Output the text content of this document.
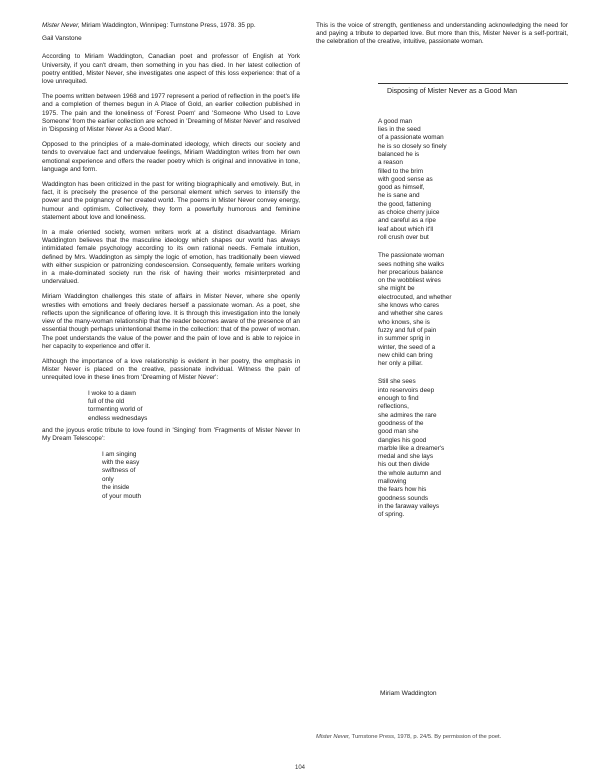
Mister Never, Miriam Waddington, Winnipeg: Turnstone Press, 1978. 35 pp.

Gail Vanstone

According to Miriam Waddington, Canadian poet and professor of English at York University, if you can't dream, then something in you has died. In her latest collection of poetry entitled, Mister Never, she investigates one aspect of this loss experience: that of a love unrequited.

The poems written between 1968 and 1977 represent a period of reflection in the poet's life and a completion of themes begun in A Place of Gold, an earlier collection published in 1975. The pain and the loneliness of 'Forest Poem' and 'Someone Who Used to Love Someone' from the earlier collection are echoed in 'Dreaming of Mister Never' and resolved in 'Disposing of Mister Never As a Good Man'.

Opposed to the principles of a male-dominated ideology, which directs our society and tends to overvalue fact and undervalue feelings, Miriam Waddington writes from her own emotional experience and offers the reader poetry which is original and innovative in tone, language and form.

Waddington has been criticized in the past for writing biographically and emotively. But, in fact, it is precisely the presence of the personal element which serves to intensify the power and the poignancy of her created world. The poems in Mister Never convey energy, humour and optimism. Collectively, they form a powerfully humorous and feminine statement about love and loneliness.

In a male oriented society, women writers work at a distinct disadvantage. Miriam Waddington believes that the masculine ideology which shapes our world has always intimidated female psychology according to its own rational needs. Female intuition, defined by Mrs. Waddington as simply the logic of emotion, has traditionally been viewed with either suspicion or patronizing condescension. Consequently, female writers working in a male-dominated society run the risk of having their works misinterpreted and undervalued.

Miriam Waddington challenges this state of affairs in Mister Never, where she openly wrestles with emotions and freely declares herself a passionate woman. As a poet, she reflects upon the significance of offering love. It is through this investigation into the lonely view of the many-woman relationship that the reader becomes aware of the presence of an essential though perhaps unintentional theme in the collection: that of the power of woman. The poet understands the value of the power and the pain of love and is able to rejoice in her capacity to experience and offer it.

Although the importance of a love relationship is evident in her poetry, the emphasis in Mister Never is placed on the creative, passionate individual. Witness the pain of unrequited love in these lines from 'Dreaming of Mister Never':

I woke to a dawn
full of the old
tormenting world of
endless wednesdays

and the joyous erotic tribute to love found in 'Singing' from 'Fragments of Mister Never In My Dream Telescope':

I am singing
with the easy
swiftness of
only
the inside
of your mouth

This is the voice of strength, gentleness and understanding acknowledging the need for and paying a tribute to departed love. But more than this, Mister Never is a self-portrait, the celebration of the creative, intuitive, passionate woman.

Disposing of Mister Never as a Good Man
A good man
lies in the seed
of a passionate woman
he is so closely so finely
balanced he is
a reason
filled to the brim
with good sense as
good as himself,
he is sane and
the good, fattening
as choice cherry juice
and careful as a ripe
leaf about which it'll
roll crush over but
The passionate woman
sees nothing she walks
her precarious balance
on the wobbliest wires
she might be
electrocuted, and whether
she knows who cares
and whether she cares
who knows, she is
fuzzy and full of pain
in summer sprig in
winter, the seed of a
new child can bring
her only a pillar.
Still she sees
into reservoirs deep
enough to find
reflections,
she admires the rare
goodness of the
good man she
dangles his good
marble like a dreamer's
medal and she lays
his out then divide
the whole autumn and
mallowing
the fears how his
goodness sounds
in the faraway valleys
of spring.
Miriam Waddington
Mister Never, Turnstone Press, 1978, p. 24/5. By permission of the poet.
104
